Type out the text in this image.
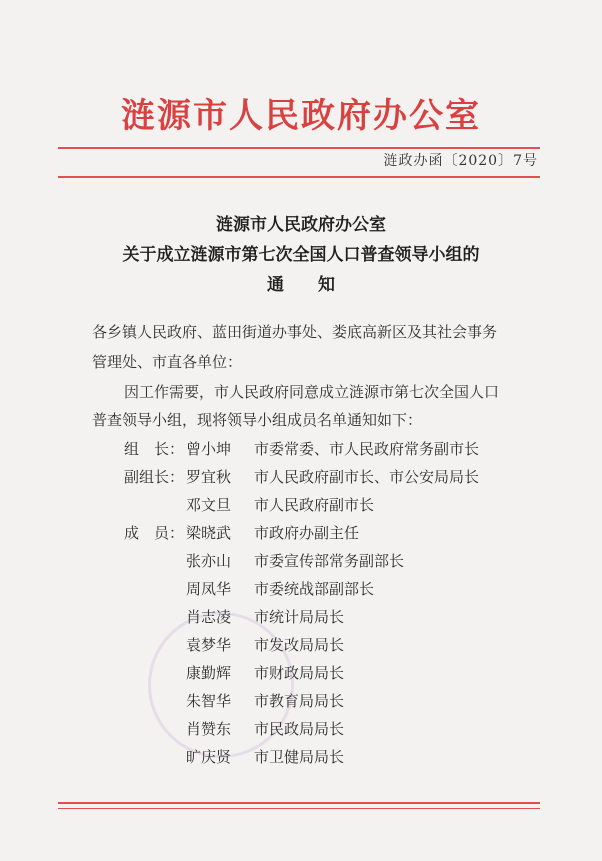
涟源市人民政府办公室
涟政办函〔2020〕7号
涟源市人民政府办公室
关于成立涟源市第七次全国人口普查领导小组的
通　　知
各乡镇人民政府、蓝田街道办事处、娄底高新区及其社会事务
管理处、市直各单位：
因工作需要，市人民政府同意成立涟源市第七次全国人口
普查领导小组，现将领导小组成员名单通知如下：
组　长： 曾小坤 市委常委、市人民政府常务副市长
副组长： 罗宜秋 市人民政府副市长、市公安局局长
邓文旦 市人民政府副市长
成　员： 梁晓武 市政府办副主任
张亦山 市委宣传部常务副部长
周凤华 市委统战部副部长
肖志凌 市统计局局长
袁梦华 市发改局局长
康勤辉 市财政局局长
朱智华 市教育局局长
肖赞东 市民政局局长
旷庆贤 市卫健局局长
